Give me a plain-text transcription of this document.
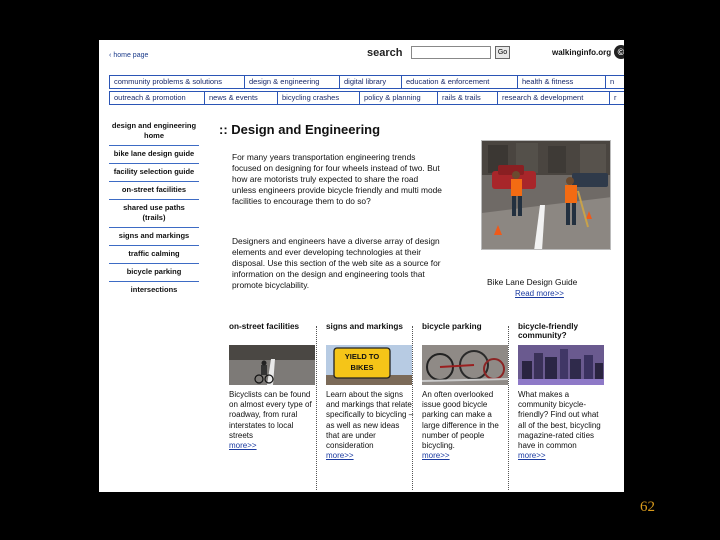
‹ home page	search	Go	walkinginfo.org ©
community problems & solutions	design & engineering	digital library	education & enforcement	health & fitness	n
outreach & promotion	news & events	bicycling crashes	policy & planning	rails & trails	research & development	r
design and engineering home
bike lane design guide
facility selection guide
on-street facilities
shared use paths (trails)
signs and markings
traffic calming
bicycle parking
intersections
:: Design and Engineering
For many years transportation engineering trends focused on designing for four wheels instead of two. But how are motorists truly expected to share the road unless engineers provide bicycle friendly and multi mode facilities to encourage them to do so?
Designers and engineers have a diverse array of design elements and ever developing technologies at their disposal. Use this section of the web site as a source for information on the design and engineering tools that promote bicyclability.	Bike Lane Design Guide
Read more>>
on-street facilities
Bicyclists can be found on almost every type of roadway, from rural interstates to local streets
more>>
signs and markings
YIELD TO BIKES
Learn about the signs and markings that relate specifically to bicycling – as well as new ideas that are under consideration
more>>
bicycle parking
An often overlooked issue good bicycle parking can make a large difference in the number of people bicycling.
more>>
bicycle-friendly community?
What makes a community bicycle-friendly? Find out what all of the best, bicycling magazine-rated cities have in common
more>>
62
